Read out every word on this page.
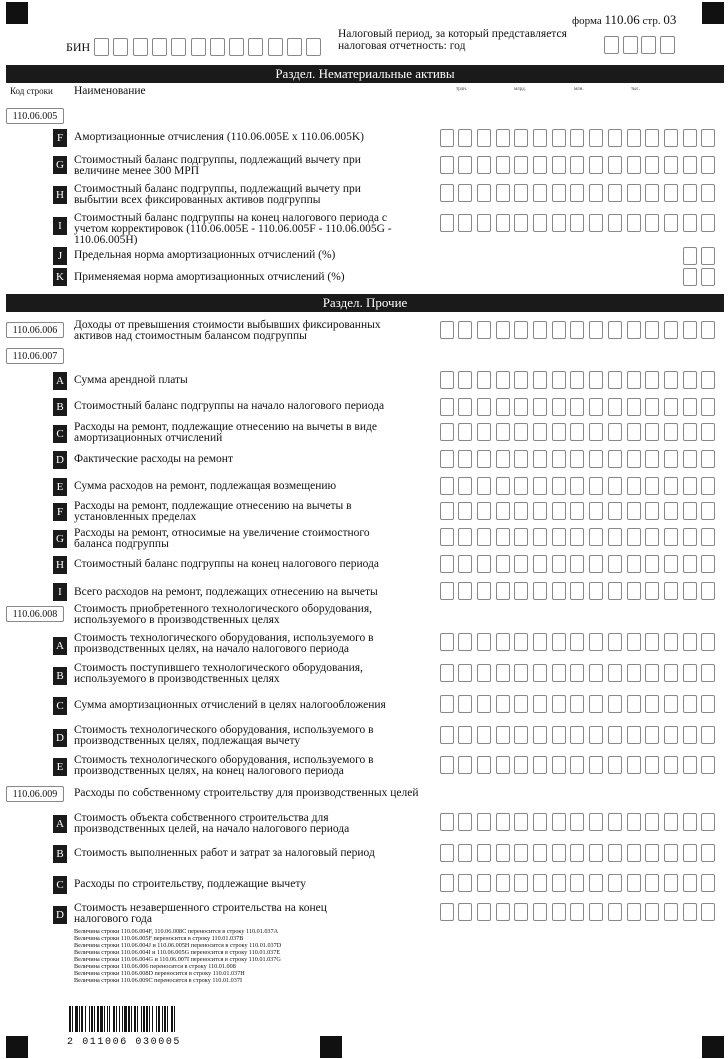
форма 110.06 стр. 03
БИН
Налоговый период, за который представляется налоговая отчетность: год
Раздел. Нематериальные активы
Код строки Наименование	трлн.	млрд.	млн.	тыс.
110.06.005
F Амортизационные отчисления (110.06.005E x 110.06.005K)
G Стоимостный баланс подгруппы, подлежащий вычету при величине менее 300 МРП
H Стоимостный баланс подгруппы, подлежащий вычету при выбытии всех фиксированных активов подгруппы
I
Стоимостный баланс подгруппы на конец налогового периода с учетом корректировок (110.06.005E - 110.06.005F - 110.06.005G - 110.06.005H)
J	Предельная норма амортизационных отчислений (%)
K Применяемая норма амортизационных отчислений (%)
Раздел. Прочие
110.06.006	Доходы от превышения стоимости выбывших фиксированных активов над стоимостным балансом подгруппы
110.06.007
A Сумма арендной платы
B Стоимостный баланс подгруппы на начало налогового периода
C
Расходы на ремонт, подлежащие отнесению на вычеты в виде амортизационных отчислений
D Фактические расходы на ремонт
E Сумма расходов на ремонт, подлежащая возмещению
F Расходы на ремонт, подлежащие отнесению на вычеты в установленных пределах
G Расходы на ремонт, относимые на увеличение стоимостного баланса подгруппы
H Стоимостный баланс подгруппы на конец налогового периода
I	Всего расходов на ремонт, подлежащих отнесению на вычеты
110.06.008	Стоимость приобретенного технологического оборудования, используемого в производственных целях
A
Стоимость технологического оборудования, используемого в производственных целях, на начало налогового периода
B
Стоимость поступившего технологического оборудования, используемого в производственных целях
C Сумма амортизационных отчислений в целях налогообложения
D
Стоимость технологического оборудования, используемого в производственных целях, подлежащая вычету
E
Стоимость технологического оборудования, используемого в производственных целях, на конец налогового периода
110.06.009	Расходы по собственному строительству для производственных целей
A Стоимость объекта собственного строительства для производственных целей, на начало налогового периода
B Стоимость выполненных работ и затрат за налоговый период
C Расходы по строительству, подлежащие вычету
D
Стоимость незавершенного строительства на конец налогового года
Величина строки 110.06.004F, 110.06.008C переносится в строку 110.01.037А
Величина строки 110.06.005F переносится в строку 110.01.037B
Величина строки 110.06.004J и 110.06.005H переносится в строку 110.01.037D
Величина строки 110.06.004I и 110.06.005G переносится в строку 110.01.037E
Величина строки 110.06.004G и 110.06.007I переносится в строку 110.01.037G
Величина строки 110.06.006 переносится в строку 110.01.008
Величина строки 110.06.008D переносится в строку 110.01.037H
Величина строки 110.06.009C переносится в строку 110.01.037I
2 011006 030005
